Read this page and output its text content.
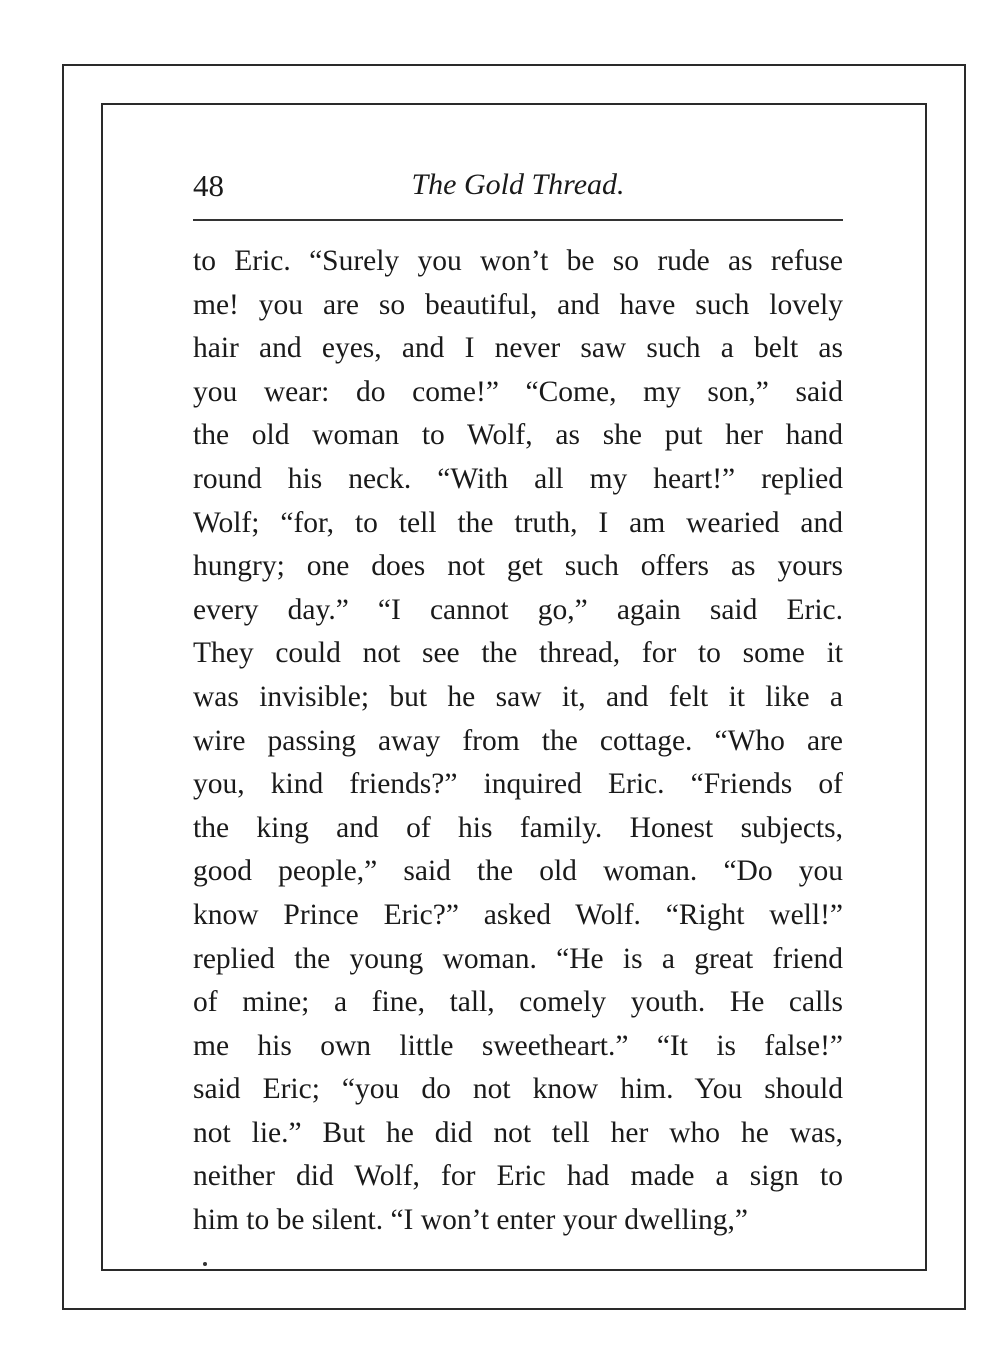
48	The Gold Thread.
to Eric. “Surely you won’t be so rude as refuse
me! you are so beautiful, and have such lovely
hair and eyes, and I never saw such a belt as
you wear: do come!” “Come, my son,” said
the old woman to Wolf, as she put her hand
round his neck. “With all my heart!” replied
Wolf; “for, to tell the truth, I am wearied and
hungry; one does not get such offers as yours
every day.” “I cannot go,” again said Eric.
They could not see the thread, for to some it
was invisible; but he saw it, and felt it like a
wire passing away from the cottage. “Who are
you, kind friends?” inquired Eric. “Friends of
the king and of his family. Honest subjects,
good people,” said the old woman. “Do you
know Prince Eric?” asked Wolf. “Right well!”
replied the young woman. “He is a great friend
of mine; a fine, tall, comely youth. He calls
me his own little sweetheart.” “It is false!”
said Eric; “you do not know him. You should
not lie.” But he did not tell her who he was,
neither did Wolf, for Eric had made a sign to
him to be silent. “I won’t enter your dwelling,”
